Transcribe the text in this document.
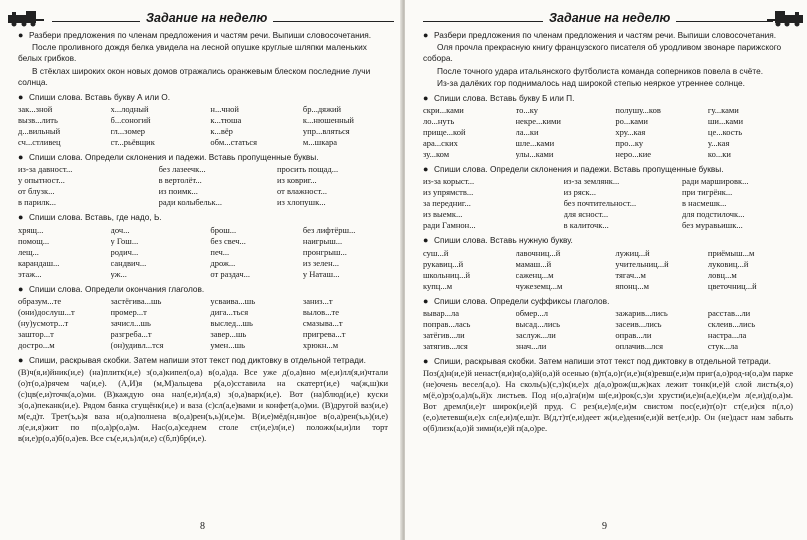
Задание на неделю
● Разбери предложения по членам предложения и частям речи. Выпиши словосочетания.
После проливного дождя белка увидела на лесной опушке круглые шляпки маленьких белых грибков.
В стёклах широких окон новых домов отражались оранжевым блеском последние лучи солнца.
● Спиши слова. Вставь букву А или О.
зак...зной	х...лодный	н...чной	бр...дяжий
вызв...лить	б...соногий	к...тюша	к...нюшенный
д...вильный	гл...зомер	к...вёр	упр...вляться
сч...стливец	ст...рьёвщик	обм...статься	м...шкара
● Спиши слова. Определи склонения и падежи. Вставь пропущенные буквы.
из-за давност...	без лазеечк...	просить пощад...
у опытност...	в вертолёт...	из ковриг...
от блузк...	из поимк...	от влажност...
в парилк...	ради колыбельк...	из хлопушк...
● Спиши слова. Вставь, где надо, Ь.
хрящ...	доч...	брош...	без лифтёрш...
помощ...	у Гош...	без свеч...	наигрыш...
лещ...	родич...	печ...	пронгрыш...
карандаш...	сандвич...	дрож...	из зелен...
этаж...	уж...	от раздач...	у Наташ...
● Спиши слова. Определи окончания глаголов.
образум...те	застёгива...шь	усваива...шь	заниз...т
(они)дослуш...т	промер...т	дига...ться	вылов...те
(ну)усмотр...т	зачисл...шь	выслед...шь	смазыва...т
заштор...т	разгреба...т	завер...шь	пригрева...т
достро...м	(он)удивл...тся	умен...шь	хрюкн...м
● Спиши, раскрывая скобки. Затем напиши этот текст под диктовку в отдельной тетради.
(В)ч(я,и)йник(и,е) (на)плитк(и,е) з(о,а)кипел(о,а) в(о,а)да. Все уже д(о,а)вно м(е,и)лл(я,и)чтали (о)т(о,а)рячем ча(и,е). (А,И)я (м,М)альцева р(а,о)сставила на скатерт(и,е) ча(ж,ш)ки (с)цв(е,и)точк(а,о)ми. (В)каждую она нал(е,и)л(а,я) з(о,а)варк(и,е). Вот (на)блюд(и,е) куски з(о,а)пеканк(и,е). Рядом банка сгущёнк(и,е) и ваза (с)сл(а,е)вами и конфет(а,о)ми. (В)другой ваз(и,е) м(е,д)т. Трет(ъ,ь)я ваза н(о,а)полнена в(о,а)рен(ъ,ь)(и,е)м. В(и,е)мёд(н,нн)ое в(о,а)рен(ъ,ь)(и,е) л(е,и,я)жит по п(о,а)р(о,а)м. Нас(о,а)седнем столе ст(и,е)л(и,е) положк(ы,и)ли торт в(и,е)р(о,а)б(о,а)ев. Все съ(е,и,ъ)л(и,е) с(б,п)бр(и,е).
8
Задание на неделю
● Разбери предложения по членам предложения и частям речи. Выпиши словосочетания.
Оля прочла прекрасную книгу французского писателя об уродливом звонаре парижского собора.
После точного удара итальянского футболиста команда соперников повела в счёте.
Из-за далёких гор поднималось над широкой степью неяркое утреннее солнце.
● Спиши слова. Вставь букву Б или П.
скри...ками	то...ку	полушу...ков	гу...ками
ло...нуть	некре...кими	ро...ками	ши...ками
прище...кой	ла...ки	хру...кая	це...кость
ара...ских	шле...ками	про...ку	у...кая
зу...ком	улы...ками	неро...кие	ко...ки
● Спиши слова. Определи склонения и падежи. Вставь пропущенные буквы.
из-за корыст...	из-за землянк...	ради маршировк...
из упрямств...	из ряск...	при тигрёнк...
за передниг...	без почтительност...	в насмешк...
из выемк...	для ясност...	для подстилочк...
ради Гамнон...	в калиточк...	без муравьишк...
● Спиши слова. Вставь нужную букву.
суш...й	лавочниц...й	лужиц...й	приёмыш...м
рукавиц...й	мамаш...й	учительниц...й	луковиц...й
школьниц...й	саженц...м	тягач...м	ловц...м
купц...м	чужеземц...м	японц...м	цветочниц...й
● Спиши слова. Определи суффиксы глаголов.
вывар...ла	обмер...л	зажарив...лись	расстав...ли
поправ...лась	высад...лись	засеив...лись	склеив...лись
затёгив...ли	заслуж...ли	оправ...ли	настра...ла
затягив...лся	знач...ли	оплачив...лся	стук...ла
● Спиши, раскрывая скобки. Затем напиши этот текст под диктовку в отдельной тетради.
Поз(д)н(и,е)й ненаст(я,и)н(о,а)й(о,а)й осенью (в)т(а,о)г(и,е)н(я)ревш(е,и)м приг(а,о)род-н(о,а)м парке (не)очень весел(а,о). На сколь(ь)(с,з)к(и,е)х д(а,о)рож(ш,ж)ках лежит тонк(и,е)й слой листь(я,о) м(ё,о)рз(о,а)л(ь,й)х листьев. Под н(о,а)га(и)м ш(е,и)рок(с,з)и хрусти(и,е)н(а,е)(и,е)м л(е,и)д(о,а)м. Вот дремл(и,е)т широк(и,е)й пруд. С рез(и,е)л(е,и)м свистом пос(е,и)т(о)т ст(е,и)ся п(л,о)(е,о)летевш(и,е)х сл(е,и)л(е,ш)т. В(д,т)т(е,и)деет ж(и,е)дени(е,и)й вет(е,и)р. Он (не)даст нам забыть о(б)лизк(а,о)й зимн(и,е)й п(а,о)ре.
9
